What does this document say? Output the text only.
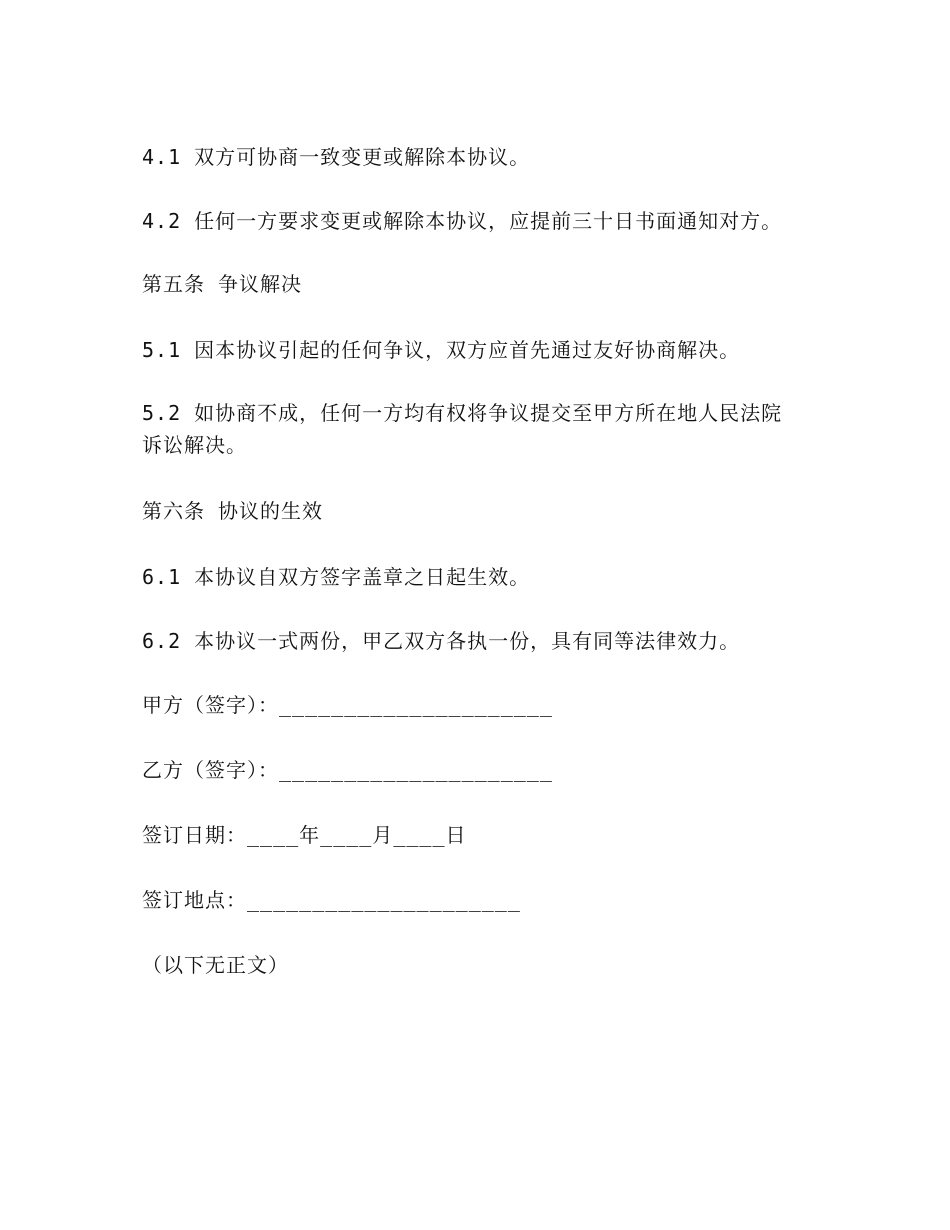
4.1 双方可协商一致变更或解除本协议。
4.2 任何一方要求变更或解除本协议，应提前三十日书面通知对方。
第五条 争议解决
5.1 因本协议引起的任何争议，双方应首先通过友好协商解决。
5.2 如协商不成，任何一方均有权将争议提交至甲方所在地人民法院
诉讼解决。
第六条 协议的生效
6.1 本协议自双方签字盖章之日起生效。
6.2 本协议一式两份，甲乙双方各执一份，具有同等法律效力。
甲方（签字）：_____________________
乙方（签字）：_____________________
签订日期：____年____月____日
签订地点：_____________________
（以下无正文）
